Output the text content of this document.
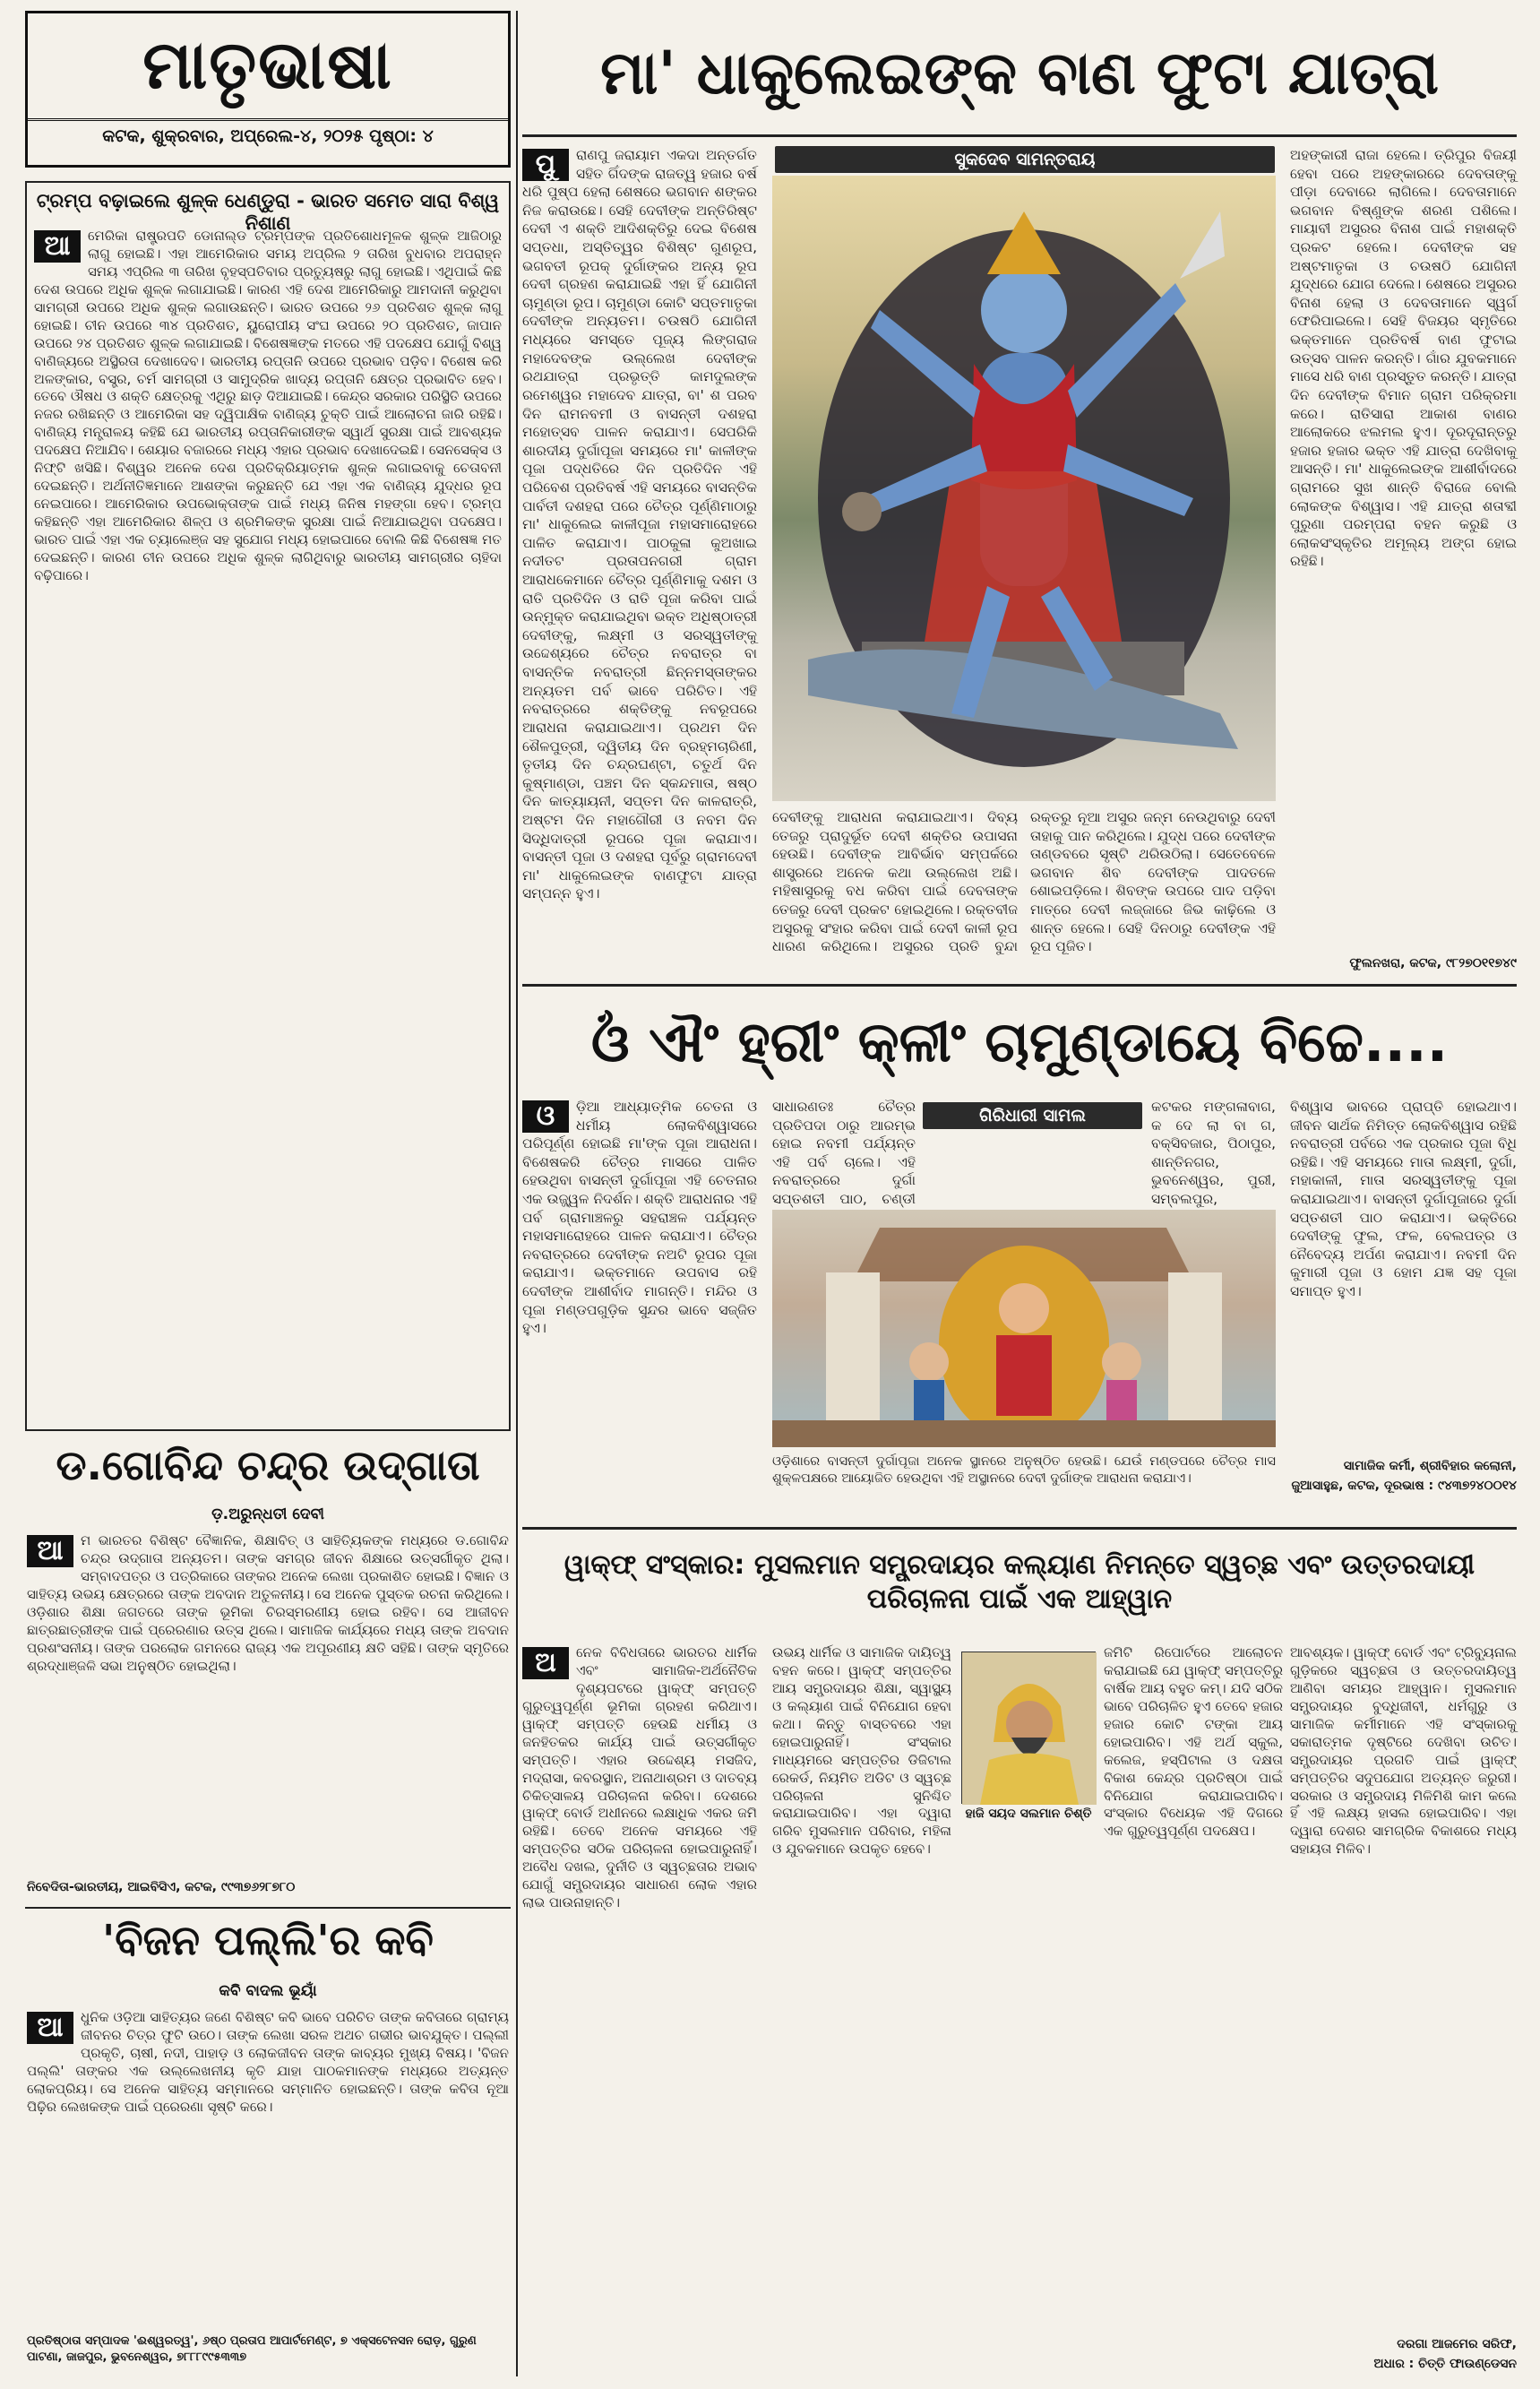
ମାତୃଭାଷା
କଟକ, ଶୁକ୍ରବାର, ଅପ୍ରେଲ-୪, ୨୦୨୫ ପୃଷ୍ଠା: ୪
ମା' ଧାକୁଲେଇଙ୍କ ବାଣ ଫୁଟା ଯାତ୍ରା
ପୁ	ରାଣପୁ ଜରାୟାମ ଏକଦା ଅନ୍ତର୍ଗତ ସହିତ ଗିଁଦଙ୍କ ରାଜତ୍ୱ ହଜାର ବର୍ଷ ଧରି ପୁଷ୍ପ ହେଲା ଶେଷରେ ଭଗବାନ ଶଙ୍କର ନିଜ କରାଉଛେ। ସେହି ଦେବୀଙ୍କ ଅନ୍ତିରିଷ୍ଟ ଦେବୀ ଏ ଶକ୍ତି ଆଦିଶକ୍ତିରୁ ଦେଇ ବିଶେଷ ସପ୍ତଧା, ଅସ୍ତିତ୍ୱର ବିଶିଷ୍ଟ ଗୁଣରୂପ, ଭଗବତୀ ରୂପକ୍ ଦୁର୍ଗାଙ୍କର ଅନ୍ୟ ରୂପ ଦେବୀ ଗ୍ରହଣ କରାଯାଇଛି ଏହା ହିଁ ଯୋଗିନୀ ଚାମୁଣ୍ଡା ରୂପ। ଚାମୁଣ୍ଡା କୋଟି ସପ୍ତମାତୃକା ଦେବୀଙ୍କ ଅନ୍ୟତମ। ଚଉଷଠି ଯୋଗିନୀ ମଧ୍ୟରେ ସମସ୍ତେ ପୂଜ୍ୟ ଲିଙ୍ଗରାଜ ମହାଦେବଙ୍କ ଉଲ୍ଲେଖ ଦେବୀଙ୍କ ରଥଯାତ୍ରା ପ୍ରଭୃତ୍ତି କାମଦୁଲଙ୍କ ରମେଶ୍ୱର ମହାଦେବ ଯାତ୍ରା, ବା' ଶ ପରବ ଦିନ ରାମନବମୀ ଓ ବାସନ୍ତୀ ଦଶହରା ମହୋତ୍ସବ ପାଳନ କରାଯାଏ। ସେପରିକି ଶାରଦୀୟ ଦୁର୍ଗାପୂଜା ସମୟରେ ମା' କାଳୀଙ୍କ ପୂଜା ପଦ୍ଧତିରେ ଦିନ ପ୍ରତିଦିନ ଏହି ପରିବେଶ ପ୍ରତିବର୍ଷ ଏହି ସମୟରେ ବାସନ୍ତିକ ପାର୍ବତୀ ଦଶହରା ପରେ ଚୈତ୍ର ପୂର୍ଣ୍ଣିମାଠାରୁ ମା' ଧାକୁଲେଇ କାଳୀପୂଜା ମହାସମାରୋହରେ ପାଳିତ କରାଯାଏ। ପାଠକୁଳା କୁଅଖାଇ ନଦୀତଟ ପ୍ରତାପନଗରୀ ଗ୍ରାମ ଆରାଧକେମାନେ ଚୈତ୍ର ପୂର୍ଣ୍ଣିମାକୁ ଦଶମ ଓ ରାତି ପ୍ରତିଦିନ ଓ ରାତି ପୂଜା କରିବା ପାଇଁ ଉନ୍ମୁକ୍ତ କରାଯାଇଥିବା ଭକ୍ତ ଅଧିଷ୍ଠାତ୍ରୀ ଦେବୀଙ୍କୁ, ଲକ୍ଷ୍ମୀ ଓ ସରସ୍ୱତୀଙ୍କୁ ଉଦ୍ଦେଶ୍ୟରେ ଚୈତ୍ର ନବରାତ୍ର ବା ବାସନ୍ତିକ ନବରାତ୍ରୀ ଛିନ୍ନମସ୍ତାଙ୍କର ଅନ୍ୟତମ ପର୍ବ ଭାବେ ପରିଚିତ। ଏହି ନବରାତ୍ରରେ ଶକ୍ତିଙ୍କୁ ନବରୂପରେ ଆରାଧନା କରାଯାଇଥାଏ। ପ୍ରଥମ ଦିନ ଶୈଳପୁତ୍ରୀ, ଦ୍ୱିତୀୟ ଦିନ ବ୍ରହ୍ମଚାରିଣୀ, ତୃତୀୟ ଦିନ ଚନ୍ଦ୍ରଘଣ୍ଟା, ଚତୁର୍ଥ ଦିନ କୁଷ୍ମାଣ୍ଡା, ପଞ୍ଚମ ଦିନ ସ୍କନ୍ଦମାତା, ଷଷ୍ଠ ଦିନ କାତ୍ୟାୟନୀ, ସପ୍ତମ ଦିନ କାଳରାତ୍ରି, ଅଷ୍ଟମ ଦିନ ମହାଗୌରୀ ଓ ନବମ ଦିନ ସିଦ୍ଧିଦାତ୍ରୀ ରୂପରେ ପୂଜା କରାଯାଏ। ବାସନ୍ତୀ ପୂଜା ଓ ଦଶହରା ପୂର୍ବରୁ ଗ୍ରାମଦେବୀ ମା' ଧାକୁଲେଇଙ୍କ ବାଣଫୁଟା ଯାତ୍ରା ସମ୍ପନ୍ନ ହୁଏ।
ସୁକଦେବ ସାମନ୍ତରାୟ
ଦେବୀଙ୍କୁ ଆରାଧନା କରାଯାଇଥାଏ। ଦିବ୍ୟ ତେଜରୁ ପ୍ରାଦୁର୍ଭୂତ ଦେବୀ ଶକ୍ତିର ଉପାସନା ହେଉଛି। ଦେବୀଙ୍କ ଆବିର୍ଭାବ ସମ୍ପର୍କରେ ଶାସ୍ତ୍ରରେ ଅନେକ କଥା ଉଲ୍ଲେଖ ଅଛି। ମହିଷାସୁରକୁ ବଧ କରିବା ପାଇଁ ଦେବତାଙ୍କ ତେଜରୁ ଦେବୀ ପ୍ରକଟ ହୋଇଥିଲେ। ରକ୍ତବୀଜ ଅସୁରକୁ ସଂହାର କରିବା ପାଇଁ ଦେବୀ କାଳୀ ରୂପ ଧାରଣ କରିଥିଲେ। ଅସୁରର ପ୍ରତି ବୁନ୍ଦା ରକ୍ତରୁ ନୂଆ ଅସୁର ଜନ୍ମ ନେଉଥିବାରୁ ଦେବୀ ତାହାକୁ ପାନ କରିଥିଲେ। ଯୁଦ୍ଧ ପରେ ଦେବୀଙ୍କ ତାଣ୍ଡବରେ ସୃଷ୍ଟି ଥରିଉଠିଲା। ସେତେବେଳେ ଭଗବାନ ଶିବ ଦେବୀଙ୍କ ପାଦତଳେ ଶୋଇପଡ଼ିଲେ। ଶିବଙ୍କ ଉପରେ ପାଦ ପଡ଼ିବା ମାତ୍ରେ ଦେବୀ ଲଜ୍ଜାରେ ଜିଭ କାଢ଼ିଲେ ଓ ଶାନ୍ତ ହେଲେ। ସେହି ଦିନଠାରୁ ଦେବୀଙ୍କ ଏହି ରୂପ ପୂଜିତ।
ଅହଙ୍କାରୀ ରାଜା ହେଲେ। ତ୍ରିପୁର ବିଜୟୀ ହେବା ପରେ ଅହଙ୍କାରରେ ଦେବତାଙ୍କୁ ପୀଡ଼ା ଦେବାରେ ଲାଗିଲେ। ଦେବତାମାନେ ଭଗବାନ ବିଷ୍ଣୁଙ୍କ ଶରଣ ପଶିଲେ। ମାୟାବୀ ଅସୁରର ବିନାଶ ପାଇଁ ମହାଶକ୍ତି ପ୍ରକଟ ହେଲେ। ଦେବୀଙ୍କ ସହ ଅଷ୍ଟମାତୃକା ଓ ଚଉଷଠି ଯୋଗିନୀ ଯୁଦ୍ଧରେ ଯୋଗ ଦେଲେ। ଶେଷରେ ଅସୁରର ବିନାଶ ହେଲା ଓ ଦେବତାମାନେ ସ୍ୱର୍ଗ ଫେରିପାଇଲେ। ସେହି ବିଜୟର ସ୍ମୃତିରେ ଭକ୍ତମାନେ ପ୍ରତିବର୍ଷ ବାଣ ଫୁଟାଇ ଉତ୍ସବ ପାଳନ କରନ୍ତି। ଗାଁର ଯୁବକମାନେ ମାସେ ଧରି ବାଣ ପ୍ରସ୍ତୁତ କରନ୍ତି। ଯାତ୍ରା ଦିନ ଦେବୀଙ୍କ ବିମାନ ଗ୍ରାମ ପରିକ୍ରମା କରେ। ରାତିସାରା ଆକାଶ ବାଣର ଆଲୋକରେ ଝଲମଲ ହୁଏ। ଦୂରଦୂରାନ୍ତରୁ ହଜାର ହଜାର ଭକ୍ତ ଏହି ଯାତ୍ରା ଦେଖିବାକୁ ଆସନ୍ତି। ମା' ଧାକୁଲେଇଙ୍କ ଆଶୀର୍ବାଦରେ ଗ୍ରାମରେ ସୁଖ ଶାନ୍ତି ବିରାଜେ ବୋଲି ଲୋକଙ୍କ ବିଶ୍ୱାସ। ଏହି ଯାତ୍ରା ଶତାବ୍ଦୀ ପୁରୁଣା ପରମ୍ପରା ବହନ କରୁଛି ଓ ଲୋକସଂସ୍କୃତିର ଅମୂଲ୍ୟ ଅଙ୍ଗ ହୋଇ ରହିଛି।
ଫୁଲନଖରା, କଟକ, ୯୮୨୭୦୧୧୭୪୯
ଟ୍ରମ୍ପ ବଢ଼ାଇଲେ ଶୁଳ୍କ ଧେଣ୍ଡୁରା - ଭାରତ ସମେତ ସାରା ବିଶ୍ୱ ନିଶାଣ
ଆ	ମେରିକା ରାଷ୍ଟ୍ରପତି ଡୋନାଲ୍ଡ ଟ୍ରମ୍ପଙ୍କ ପ୍ରତିଶୋଧମୂଳକ ଶୁଳ୍କ ଆଜିଠାରୁ ଲାଗୁ ହୋଇଛି। ଏହା ଆମେରିକାର ସମୟ ଅପ୍ରିଲ ୨ ତାରିଖ ବୁଧବାର ଅପରାହ୍ନ ସମୟ ଏପ୍ରିଲ ୩ ତାରିଖ ବୃହସ୍ପତିବାର ପ୍ରତ୍ୟୁଷରୁ ଲାଗୁ ହୋଇଛି। ଏଥିପାଇଁ କିଛି ଦେଶ ଉପରେ ଅଧିକ ଶୁଳ୍କ ଲଗାଯାଇଛି। କାରଣ ଏହି ଦେଶ ଆମେରିକାରୁ ଆମଦାନୀ କରୁଥିବା ସାମଗ୍ରୀ ଉପରେ ଅଧିକ ଶୁଳ୍କ ଲଗାଉଛନ୍ତି। ଭାରତ ଉପରେ ୨୬ ପ୍ରତିଶତ ଶୁଳ୍କ ଲାଗୁ ହୋଇଛି। ଚୀନ ଉପରେ ୩୪ ପ୍ରତିଶତ, ୟୁରୋପୀୟ ସଂଘ ଉପରେ ୨୦ ପ୍ରତିଶତ, ଜାପାନ ଉପରେ ୨୪ ପ୍ରତିଶତ ଶୁଳ୍କ ଲଗାଯାଇଛି। ବିଶେଷଜ୍ଞଙ୍କ ମତରେ ଏହି ପଦକ୍ଷେପ ଯୋଗୁଁ ବିଶ୍ୱ ବାଣିଜ୍ୟରେ ଅସ୍ଥିରତା ଦେଖାଦେବ। ଭାରତୀୟ ରପ୍ତାନି ଉପରେ ପ୍ରଭାବ ପଡ଼ିବ। ବିଶେଷ କରି ଅଳଙ୍କାର, ବସ୍ତ୍ର, ଚର୍ମ ସାମଗ୍ରୀ ଓ ସାମୁଦ୍ରିକ ଖାଦ୍ୟ ରପ୍ତାନି କ୍ଷେତ୍ର ପ୍ରଭାବିତ ହେବ। ତେବେ ଔଷଧ ଓ ଶକ୍ତି କ୍ଷେତ୍ରକୁ ଏଥିରୁ ଛାଡ଼ ଦିଆଯାଇଛି। କେନ୍ଦ୍ର ସରକାର ପରିସ୍ଥିତି ଉପରେ ନଜର ରଖିଛନ୍ତି ଓ ଆମେରିକା ସହ ଦ୍ୱିପାକ୍ଷିକ ବାଣିଜ୍ୟ ଚୁକ୍ତି ପାଇଁ ଆଲୋଚନା ଜାରି ରହିଛି। ବାଣିଜ୍ୟ ମନ୍ତ୍ରାଳୟ କହିଛି ଯେ ଭାରତୀୟ ରପ୍ତାନିକାରୀଙ୍କ ସ୍ୱାର୍ଥ ସୁରକ୍ଷା ପାଇଁ ଆବଶ୍ୟକ ପଦକ୍ଷେପ ନିଆଯିବ। ଶେୟାର ବଜାରରେ ମଧ୍ୟ ଏହାର ପ୍ରଭାବ ଦେଖାଦେଇଛି। ସେନସେକ୍ସ ଓ ନିଫ୍ଟି ଖସିଛି। ବିଶ୍ୱର ଅନେକ ଦେଶ ପ୍ରତିକ୍ରିୟାତ୍ମକ ଶୁଳ୍କ ଲଗାଇବାକୁ ଚେତାବନୀ ଦେଇଛନ୍ତି। ଅର୍ଥନୀତିଜ୍ଞମାନେ ଆଶଙ୍କା କରୁଛନ୍ତି ଯେ ଏହା ଏକ ବାଣିଜ୍ୟ ଯୁଦ୍ଧର ରୂପ ନେଇପାରେ। ଆମେରିକାର ଉପଭୋକ୍ତାଙ୍କ ପାଇଁ ମଧ୍ୟ ଜିନିଷ ମହଙ୍ଗା ହେବ। ଟ୍ରମ୍ପ କହିଛନ୍ତି ଏହା ଆମେରିକାର ଶିଳ୍ପ ଓ ଶ୍ରମିକଙ୍କ ସୁରକ୍ଷା ପାଇଁ ନିଆଯାଇଥିବା ପଦକ୍ଷେପ। ଭାରତ ପାଇଁ ଏହା ଏକ ଚ୍ୟାଲେଞ୍ଜ ସହ ସୁଯୋଗ ମଧ୍ୟ ହୋଇପାରେ ବୋଲି କିଛି ବିଶେଷଜ୍ଞ ମତ ଦେଇଛନ୍ତି। କାରଣ ଚୀନ ଉପରେ ଅଧିକ ଶୁଳ୍କ ଲାଗିଥିବାରୁ ଭାରତୀୟ ସାମଗ୍ରୀର ଚାହିଦା ବଢ଼ିପାରେ।
ଡ.ଗୋବିନ୍ଦ ଚନ୍ଦ୍ର ଉଦ୍‌ଗାତା
ଡ଼.ଅରୁନ୍ଧତୀ ଦେବୀ
ଆ	ମ ଭାରତର ବିଶିଷ୍ଟ ବୈଜ୍ଞାନିକ, ଶିକ୍ଷାବିତ୍ ଓ ସାହିତ୍ୟିକଙ୍କ ମଧ୍ୟରେ ଡ.ଗୋବିନ୍ଦ ଚନ୍ଦ୍ର ଉଦ୍‌ଗାତା ଅନ୍ୟତମ। ତାଙ୍କ ସମଗ୍ର ଜୀବନ ଶିକ୍ଷାରେ ଉତ୍ସର୍ଗୀକୃତ ଥିଲା। ସମ୍ବାଦପତ୍ର ଓ ପତ୍ରିକାରେ ତାଙ୍କର ଅନେକ ଲେଖା ପ୍ରକାଶିତ ହୋଇଛି। ବିଜ୍ଞାନ ଓ ସାହିତ୍ୟ ଉଭୟ କ୍ଷେତ୍ରରେ ତାଙ୍କ ଅବଦାନ ଅତୁଳନୀୟ। ସେ ଅନେକ ପୁସ୍ତକ ରଚନା କରିଥିଲେ। ଓଡ଼ିଶାର ଶିକ୍ଷା ଜଗତରେ ତାଙ୍କ ଭୂମିକା ଚିରସ୍ମରଣୀୟ ହୋଇ ରହିବ। ସେ ଆଜୀବନ ଛାତ୍ରଛାତ୍ରୀଙ୍କ ପାଇଁ ପ୍ରେରଣାର ଉତ୍ସ ଥିଲେ। ସାମାଜିକ କାର୍ଯ୍ୟରେ ମଧ୍ୟ ତାଙ୍କ ଅବଦାନ ପ୍ରଶଂସନୀୟ। ତାଙ୍କ ପରଲୋକ ଗମନରେ ରାଜ୍ୟ ଏକ ଅପୂରଣୀୟ କ୍ଷତି ସହିଛି। ତାଙ୍କ ସ୍ମୃତିରେ ଶ୍ରଦ୍ଧାଞ୍ଜଳି ସଭା ଅନୁଷ୍ଠିତ ହୋଇଥିଲା।
ନିବେଦିତା-ଭାରତୀୟ, ଆଇବିସିଏ, କଟକ, ୯୯୩୭୬୨୮୭୮୦
'ବିଜନ ପଲ୍ଲି'ର କବି
କବି ବାଦଲ ଭୂୟାଁ
ଆ	ଧୁନିକ ଓଡ଼ିଆ ସାହିତ୍ୟର ଜଣେ ବିଶିଷ୍ଟ କବି ଭାବେ ପରିଚିତ ତାଙ୍କ କବିତାରେ ଗ୍ରାମ୍ୟ ଜୀବନର ଚିତ୍ର ଫୁଟି ଉଠେ। ତାଙ୍କ ଲେଖା ସରଳ ଅଥଚ ଗଭୀର ଭାବଯୁକ୍ତ। ପଲ୍ଲୀ ପ୍ରକୃତି, ଚାଷୀ, ନଦୀ, ପାହାଡ଼ ଓ ଲୋକଜୀବନ ତାଙ୍କ କାବ୍ୟର ମୁଖ୍ୟ ବିଷୟ। 'ବିଜନ ପଲ୍ଲି' ତାଙ୍କର ଏକ ଉଲ୍ଲେଖନୀୟ କୃତି ଯାହା ପାଠକମାନଙ୍କ ମଧ୍ୟରେ ଅତ୍ୟନ୍ତ ଲୋକପ୍ରିୟ। ସେ ଅନେକ ସାହିତ୍ୟ ସମ୍ମାନରେ ସମ୍ମାନିତ ହୋଇଛନ୍ତି। ତାଙ୍କ କବିତା ନୂଆ ପିଢ଼ିର ଲେଖକଙ୍କ ପାଇଁ ପ୍ରେରଣା ସୃଷ୍ଟି କରେ।
ପ୍ରତିଷ୍ଠାତା ସମ୍ପାଦକ 'ଈଶ୍ୱରତ୍ୱ', ୬ଷ୍ଠ ପ୍ରତାପ ଆପାର୍ଟମେଣ୍ଟ, ୭ ଏକ୍ସଟେନସନ ରୋଡ଼, ଗୁରୁଣ ପାଟଣା, ଜାଜପୁର, ଭୁବନେଶ୍ୱର, ୭୮୮୮୯୯୫୩୩୭
ଓଁ ଐଂ ହ୍ରୀଂ କ୍ଳୀଂ ଚାମୁଣ୍ଡାୟେ ବିଚ୍ଚେ....
ଓ	ଡ଼ିଆ ଆଧ୍ୟାତ୍ମିକ ଚେତନା ଓ ଧର୍ମୀୟ ଲୋକବିଶ୍ୱାସରେ ପରିପୂର୍ଣ୍ଣ ହୋଇଛି ମା'ଙ୍କ ପୂଜା ଆରାଧନା। ବିଶେଷକରି ଚୈତ୍ର ମାସରେ ପାଳିତ ହେଉଥିବା ବାସନ୍ତୀ ଦୁର୍ଗାପୂଜା ଏହି ଚେତନାର ଏକ ଉଜ୍ଜ୍ୱଳ ନିଦର୍ଶନ। ଶକ୍ତି ଆରାଧନାର ଏହି ପର୍ବ ଗ୍ରାମାଞ୍ଚଳରୁ ସହରାଞ୍ଚଳ ପର୍ଯ୍ୟନ୍ତ ମହାସମାରୋହରେ ପାଳନ କରାଯାଏ। ଚୈତ୍ର ନବରାତ୍ରରେ ଦେବୀଙ୍କ ନଅଟି ରୂପର ପୂଜା କରାଯାଏ। ଭକ୍ତମାନେ ଉପବାସ ରହି ଦେବୀଙ୍କ ଆଶୀର୍ବାଦ ମାଗନ୍ତି। ମନ୍ଦିର ଓ ପୂଜା ମଣ୍ଡପଗୁଡ଼ିକ ସୁନ୍ଦର ଭାବେ ସଜ୍ଜିତ ହୁଏ।
ସାଧାରଣତଃ ଚୈତ୍ର ପ୍ରତିପଦା ଠାରୁ ଆରମ୍ଭ ହୋଇ ନବମୀ ପର୍ଯ୍ୟନ୍ତ ଏହି ପର୍ବ ଚାଲେ। ଏହି ନବରାତ୍ରରେ ଦୁର୍ଗା ସପ୍ତଶତୀ ପାଠ, ଚଣ୍ଡୀ
ଗିରିଧାରୀ ସାମଲ	କଟକର ମଙ୍ଗଳାବାଗ, କ ଦେ ଲା ବା ଗ, ବକ୍ସିବଜାର, ପିଠାପୁର, ଶାନ୍ତିନଗର, ଭୁବନେଶ୍ୱର, ପୁରୀ, ସମ୍ବଲପୁର,
ଓଡ଼ିଶାରେ ବାସନ୍ତୀ ଦୁର୍ଗାପୂଜା ଅନେକ ସ୍ଥାନରେ ଅନୁଷ୍ଠିତ ହେଉଛି। ଯେଉଁ ମଣ୍ଡପରେ ଚୈତ୍ର ମାସ ଶୁକ୍ଳପକ୍ଷରେ ଆୟୋଜିତ ହେଉଥିବା ଏହି ଅସ୍ଥାନରେ ଦେବୀ ଦୁର୍ଗାଙ୍କ ଆରାଧନା କରାଯାଏ।
ବିଶ୍ୱାସ ଭାବରେ ପ୍ରାପ୍ତି ହୋଇଥାଏ। ଜୀବନ ସାର୍ଥକ ନିମିତ୍ତ ଲୋକବିଶ୍ୱାସ ରହିଛି ନବରାତ୍ରୀ ପର୍ବରେ ଏକ ପ୍ରକାର ପୂଜା ବିଧି ରହିଛି। ଏହି ସମୟରେ ମାତା ଲକ୍ଷ୍ମୀ, ଦୁର୍ଗା, ମହାକାଳୀ, ମାତା ସରସ୍ୱତୀଙ୍କୁ ପୂଜା କରାଯାଇଥାଏ। ବାସନ୍ତୀ ଦୁର୍ଗାପୂଜାରେ ଦୁର୍ଗା ସପ୍ତଶତୀ ପାଠ କରାଯାଏ। ଭକ୍ତିରେ ଦେବୀଙ୍କୁ ଫୁଲ, ଫଳ, ବେଲପତ୍ର ଓ ନୈବେଦ୍ୟ ଅର୍ପଣ କରାଯାଏ। ନବମୀ ଦିନ କୁମାରୀ ପୂଜା ଓ ହୋମ ଯଜ୍ଞ ସହ ପୂଜା ସମାପ୍ତ ହୁଏ।
ସାମାଜିକ କର୍ମୀ, ଶ୍ରୀବିହାର କଲୋନୀ,
ଜୁଆସାହୁଛ, କଟକ, ଦୂରଭାଷ : ୯୪୩୭୨୪୦୦୧୪
ୱାକ୍‌ଫ୍ ସଂସ୍କାର: ମୁସଲମାନ ସମ୍ପ୍ରଦାୟର କଲ୍ୟାଣ ନିମନ୍ତେ ସ୍ୱଚ୍ଛ ଏବଂ ଉତ୍ତରଦାୟୀ ପରିଚାଳନା ପାଇଁ ଏକ ଆହ୍ୱାନ
ଅ	ନେକ ବିବିଧତାରେ ଭାରତର ଧାର୍ମିକ ଏବଂ ସାମାଜିକ-ଅର୍ଥନୈତିକ ଦୃଶ୍ୟପଟରେ ୱାକ୍‌ଫ୍ ସମ୍ପତ୍ତି ଗୁରୁତ୍ୱପୂର୍ଣ୍ଣ ଭୂମିକା ଗ୍ରହଣ କରିଥାଏ। ୱାକ୍‌ଫ୍ ସମ୍ପତ୍ତି ହେଉଛି ଧର୍ମୀୟ ଓ ଜନହିତକର କାର୍ଯ୍ୟ ପାଇଁ ଉତ୍ସର୍ଗୀକୃତ ସମ୍ପତ୍ତି। ଏହାର ଉଦ୍ଦେଶ୍ୟ ମସଜିଦ, ମଦ୍ରାସା, କବରସ୍ଥାନ, ଅନାଥାଶ୍ରମ ଓ ଦାତବ୍ୟ ଚିକିତ୍ସାଳୟ ପରିଚାଳନା କରିବା। ଦେଶରେ ୱାକ୍‌ଫ୍ ବୋର୍ଡ ଅଧୀନରେ ଲକ୍ଷାଧିକ ଏକର ଜମି ରହିଛି। ତେବେ ଅନେକ ସମୟରେ ଏହି ସମ୍ପତ୍ତିର ସଠିକ ପରିଚାଳନା ହୋଇପାରୁନାହିଁ। ଅବୈଧ ଦଖଲ, ଦୁର୍ନୀତି ଓ ସ୍ୱଚ୍ଛତାର ଅଭାବ ଯୋଗୁଁ ସମ୍ପ୍ରଦାୟର ସାଧାରଣ ଲୋକ ଏହାର ଲାଭ ପାଉନାହାନ୍ତି।
ଉଭୟ ଧାର୍ମିକ ଓ ସାମାଜିକ ଦାୟିତ୍ୱ ବହନ କରେ। ୱାକ୍‌ଫ୍ ସମ୍ପତ୍ତିର ଆୟ ସମ୍ପ୍ରଦାୟର ଶିକ୍ଷା, ସ୍ୱାସ୍ଥ୍ୟ ଓ କଲ୍ୟାଣ ପାଇଁ ବିନିଯୋଗ ହେବା କଥା। କିନ୍ତୁ ବାସ୍ତବରେ ଏହା ହୋଇପାରୁନାହିଁ। ସଂସ୍କାର ମାଧ୍ୟମରେ ସମ୍ପତ୍ତିର ଡିଜିଟାଲ ରେକର୍ଡ, ନିୟମିତ ଅଡିଟ ଓ ସ୍ୱଚ୍ଛ ପରିଚାଳନା ସୁନିଶ୍ଚିତ କରାଯାଇପାରିବ। ଏହା ଦ୍ୱାରା ଗରିବ ମୁସଲମାନ ପରିବାର, ମହିଳା ଓ ଯୁବକମାନେ ଉପକୃତ ହେବେ।
ହାଜି ସୟଦ ସଲମାନ ଚିଶ୍ତି
ଜମିଟି ରିପୋର୍ଟରେ ଆଲୋଚନ କରାଯାଇଛି ଯେ ୱାକ୍‌ଫ୍ ସମ୍ପତ୍ତିରୁ ବାର୍ଷିକ ଆୟ ବହୁତ କମ୍। ଯଦି ସଠିକ ଭାବେ ପରିଚାଳିତ ହୁଏ ତେବେ ହଜାର ହଜାର କୋଟି ଟଙ୍କା ଆୟ ହୋଇପାରିବ। ଏହି ଅର୍ଥ ସ୍କୁଲ, କଲେଜ, ହସ୍ପିଟାଲ ଓ ଦକ୍ଷତା ବିକାଶ କେନ୍ଦ୍ର ପ୍ରତିଷ୍ଠା ପାଇଁ ବିନିଯୋଗ କରାଯାଇପାରିବ। ସଂସ୍କାର ବିଧେୟକ ଏହି ଦିଗରେ ଏକ ଗୁରୁତ୍ୱପୂର୍ଣ୍ଣ ପଦକ୍ଷେପ।
ଆବଶ୍ୟକ। ୱାକ୍‌ଫ୍ ବୋର୍ଡ ଏବଂ ଟ୍ରିବ୍ୟୁନାଲ ଗୁଡ଼ିକରେ ସ୍ୱଚ୍ଛତା ଓ ଉତ୍ତରଦାୟିତ୍ୱ ଆଣିବା ସମୟର ଆହ୍ୱାନ। ମୁସଲମାନ ସମ୍ପ୍ରଦାୟର ବୁଦ୍ଧିଜୀବୀ, ଧର୍ମଗୁରୁ ଓ ସାମାଜିକ କର୍ମୀମାନେ ଏହି ସଂସ୍କାରକୁ ସକାରାତ୍ମକ ଦୃଷ୍ଟିରେ ଦେଖିବା ଉଚିତ। ସମ୍ପ୍ରଦାୟର ପ୍ରଗତି ପାଇଁ ୱାକ୍‌ଫ୍ ସମ୍ପତ୍ତିର ସଦୁପଯୋଗ ଅତ୍ୟନ୍ତ ଜରୁରୀ। ସରକାର ଓ ସମ୍ପ୍ରଦାୟ ମିଳିମିଶି କାମ କଲେ ହିଁ ଏହି ଲକ୍ଷ୍ୟ ହାସଲ ହୋଇପାରିବ। ଏହା ଦ୍ୱାରା ଦେଶର ସାମଗ୍ରିକ ବିକାଶରେ ମଧ୍ୟ ସହାୟତା ମିଳିବ।
ଦରଗା ଆଜମେର ସରିଫ,
ଅଧାର : ଚିତ୍ତି ଫାଉଣ୍ଡେସନ
